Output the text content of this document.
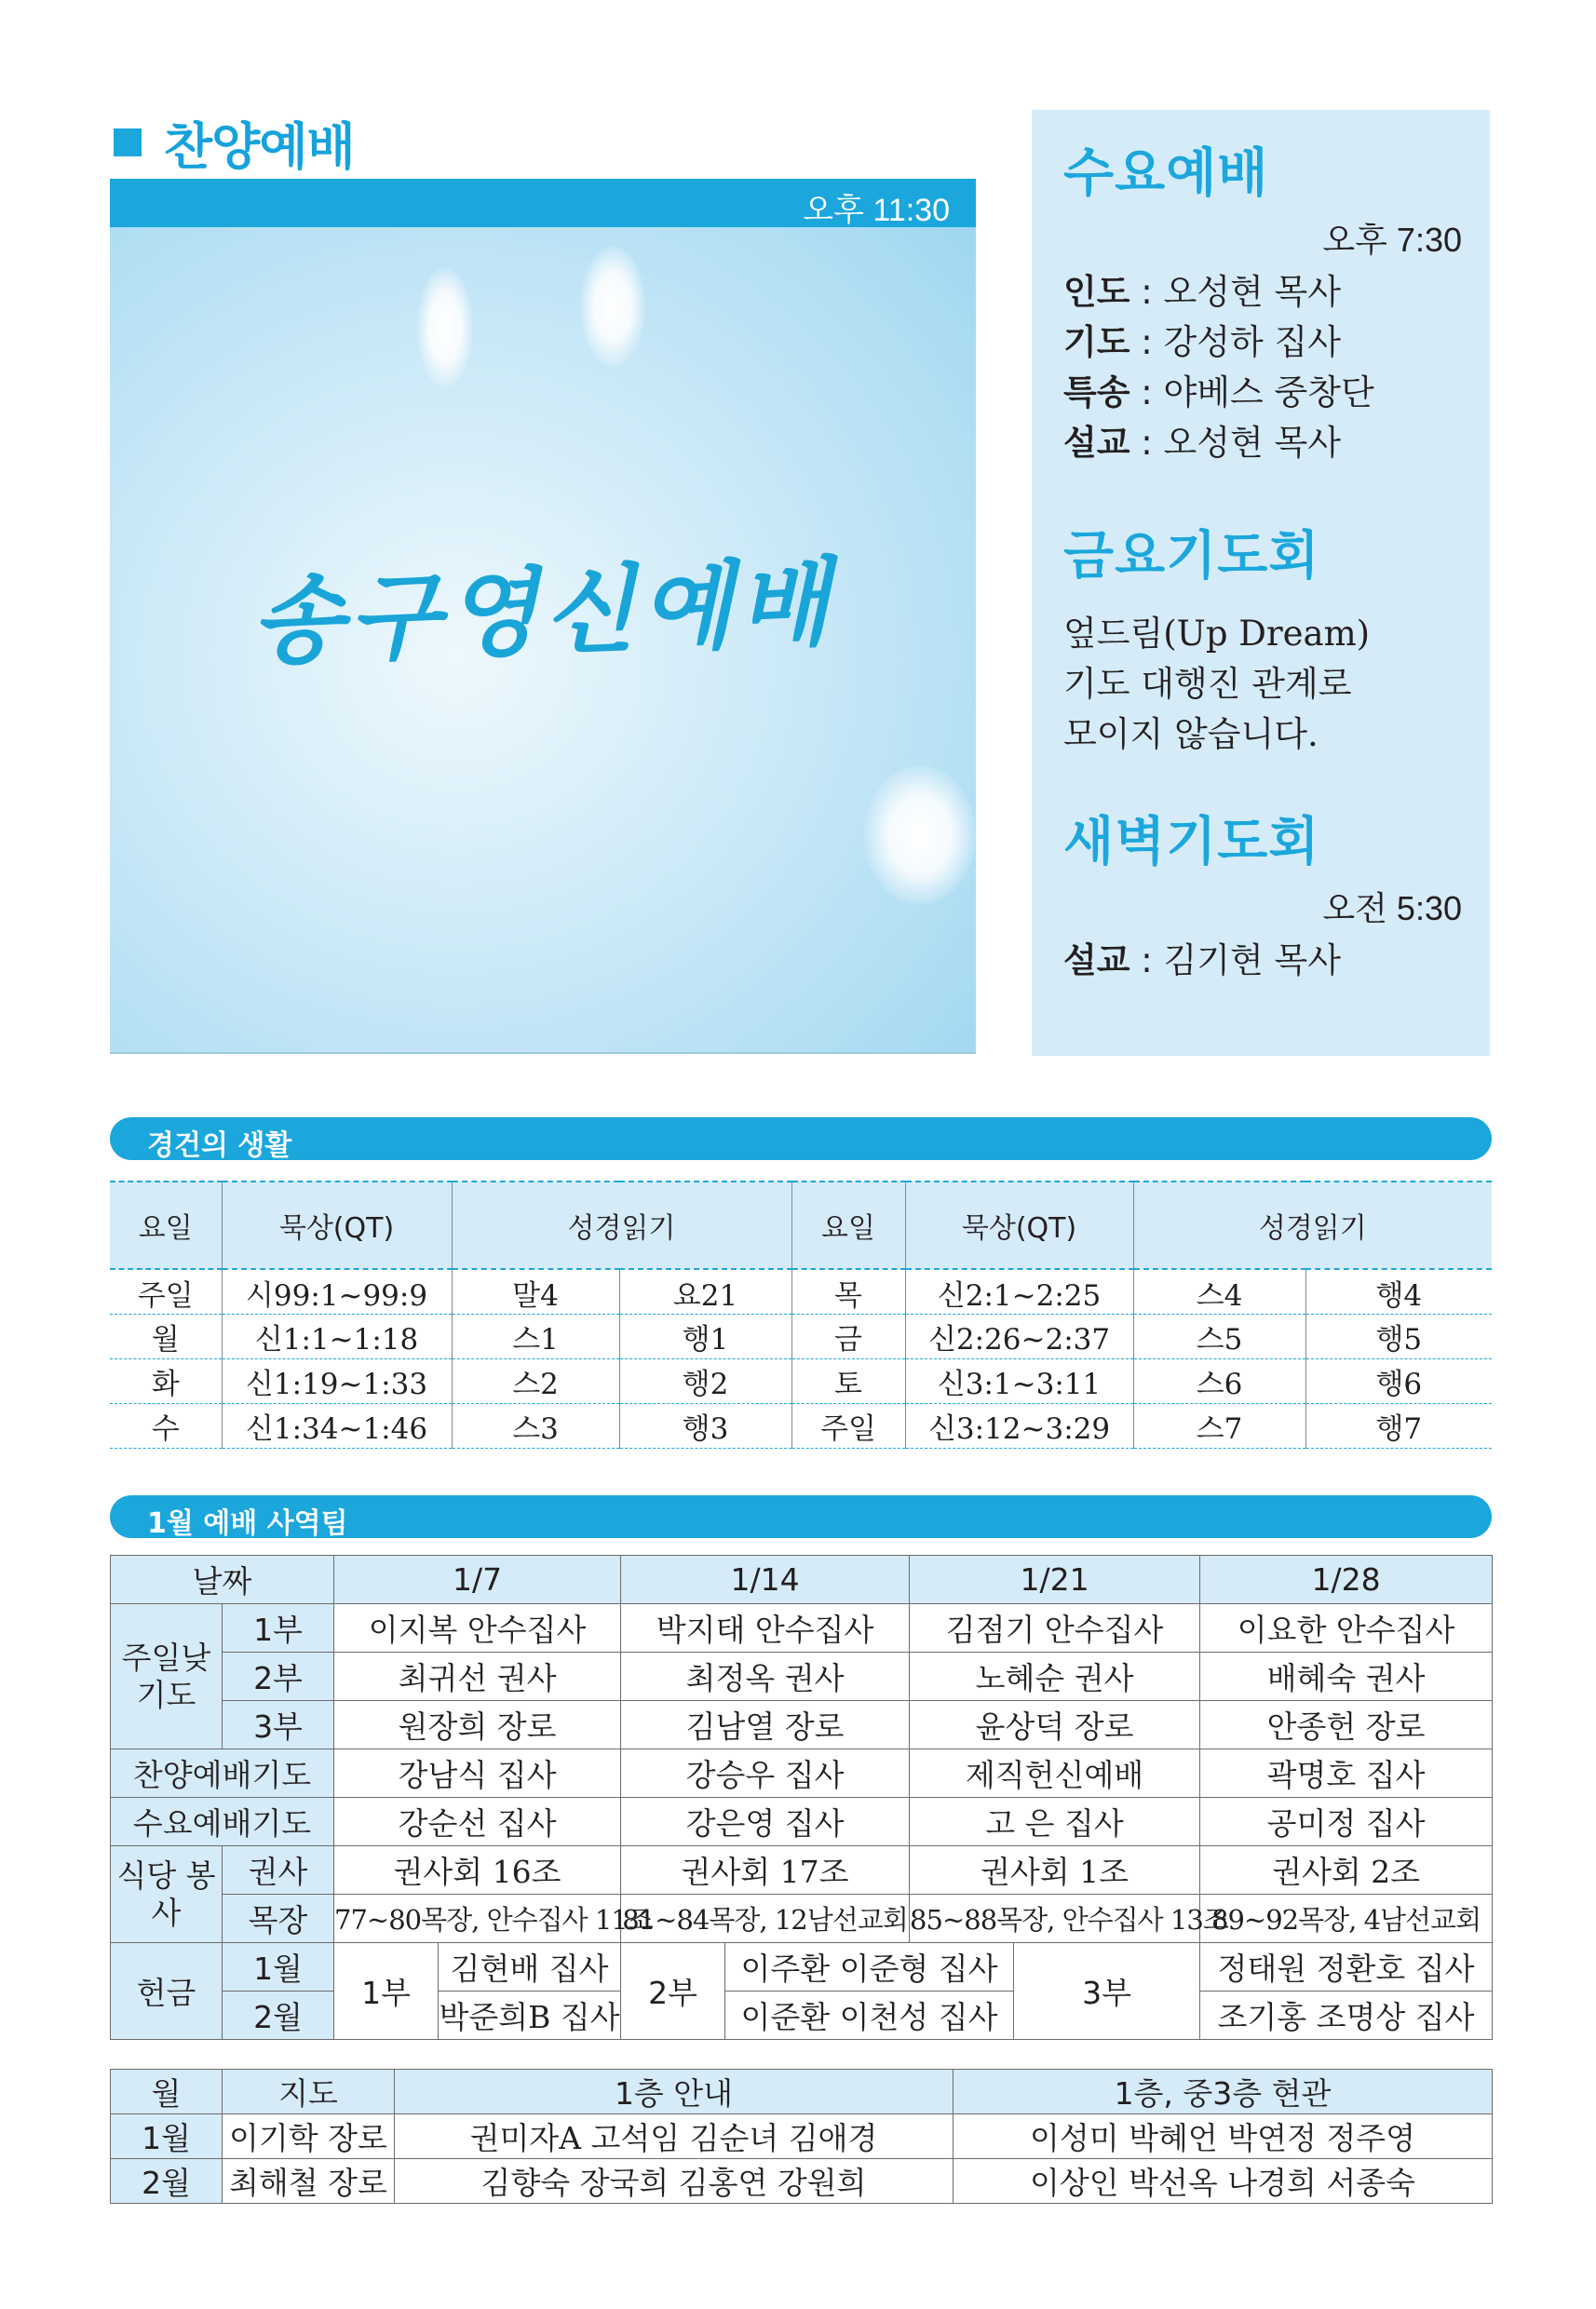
찬양예배
오후 11:30
송구영신예배
수요예배
오후 7:30
인도 : 오성현 목사
기도 : 강성하 집사
특송 : 야베스 중창단
설교 : 오성현 목사
금요기도회
엎드림(Up Dream)
기도 대행진 관계로
모이지 않습니다.
새벽기도회
오전 5:30
설교 : 김기현 목사
경건의 생활
요일	묵상(QT)	성경읽기		요일	묵상(QT)	성경읽기	
주일	시99:1~99:9	말4	요21	목	신2:1~2:25	스4	행4
월	신1:1~1:18	스1	행1	금	신2:26~2:37	스5	행5
화	신1:19~1:33	스2	행2	토	신3:1~3:11	스6	행6
수	신1:34~1:46	스3	행3	주일	신3:12~3:29	스7	행7
1월 예배 사역팀
날짜		1/7		1/14		1/21		1/28
주일낮 기도	1부	이지복 안수집사		박지태 안수집사		김점기 안수집사		이요한 안수집사
	2부	최귀선 권사		최정옥 권사		노혜순 권사		배혜숙 권사
	3부	원장희 장로		김남열 장로		윤상덕 장로		안종헌 장로
찬양예배기도		강남식 집사		강승우 집사		제직헌신예배		곽명호 집사
수요예배기도		강순선 집사		강은영 집사		고 은 집사		공미정 집사
식당 봉사	권사	권사회 16조		권사회 17조		권사회 1조		권사회 2조
	목장	77~80목장, 안수집사 11조		81~84목장, 12남선교회		85~88목장, 안수집사 13조		89~92목장, 4남선교회
헌금	1월	1부	김현배 집사	2부	이주환 이준형 집사		3부	정태원 정환호 집사
	2월		박준희B 집사		이준환 이천성 집사			조기홍 조명상 집사
월	지도	1층 안내	1층, 중3층 현관
1월	이기학 장로	권미자A 고석임 김순녀 김애경	이성미 박혜언 박연정 정주영
2월	최해철 장로	김향숙 장국희 김홍연 강원희	이상인 박선옥 나경희 서종숙
